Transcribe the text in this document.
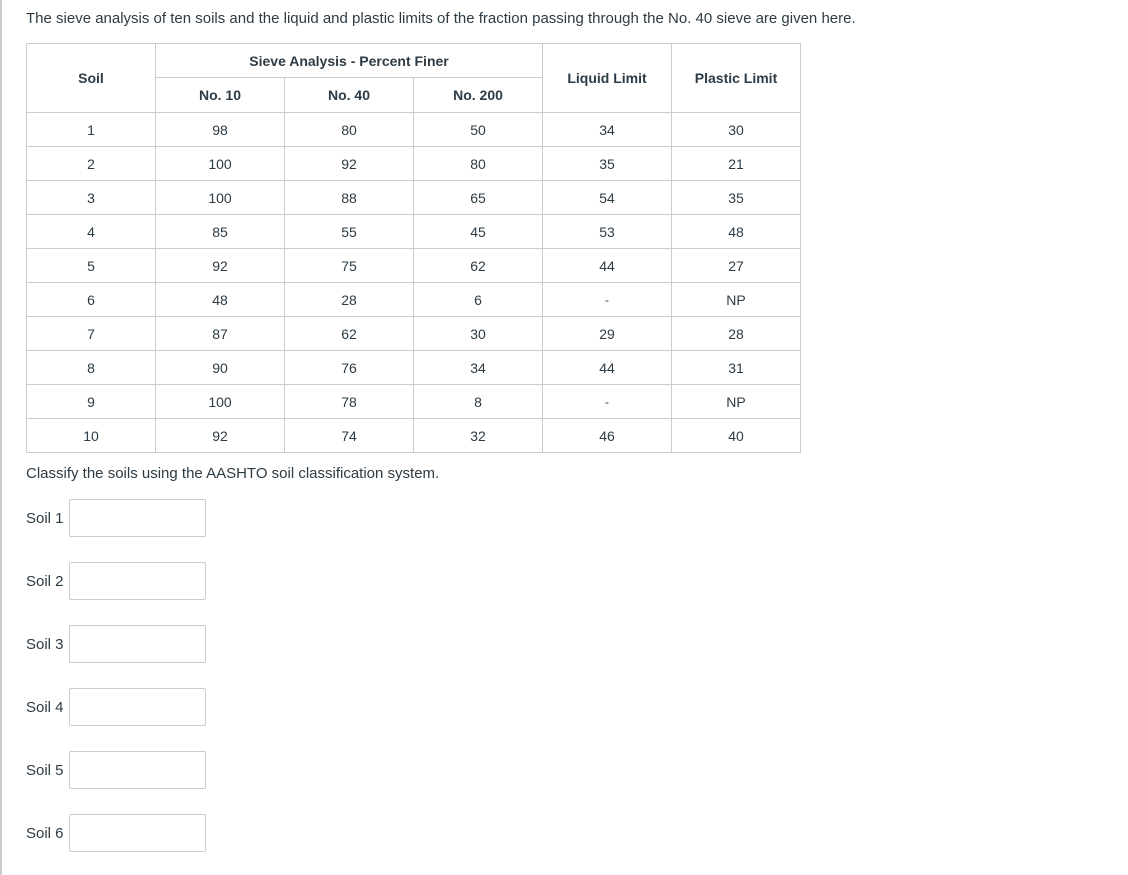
The sieve analysis of ten soils and the liquid and plastic limits of the fraction passing through the No. 40 sieve are given here.
Soil	Sieve Analysis - Percent Finer			Liquid Limit	Plastic Limit
	No. 10	No. 40	No. 200		
1	98	80	50	34	30
2	100	92	80	35	21
3	100	88	65	54	35
4	85	55	45	53	48
5	92	75	62	44	27
6	48	28	6	-	NP
7	87	62	30	29	28
8	90	76	34	44	31
9	100	78	8	-	NP
10	92	74	32	46	40
Classify the soils using the AASHTO soil classification system.
Soil 1
Soil 2
Soil 3
Soil 4
Soil 5
Soil 6
